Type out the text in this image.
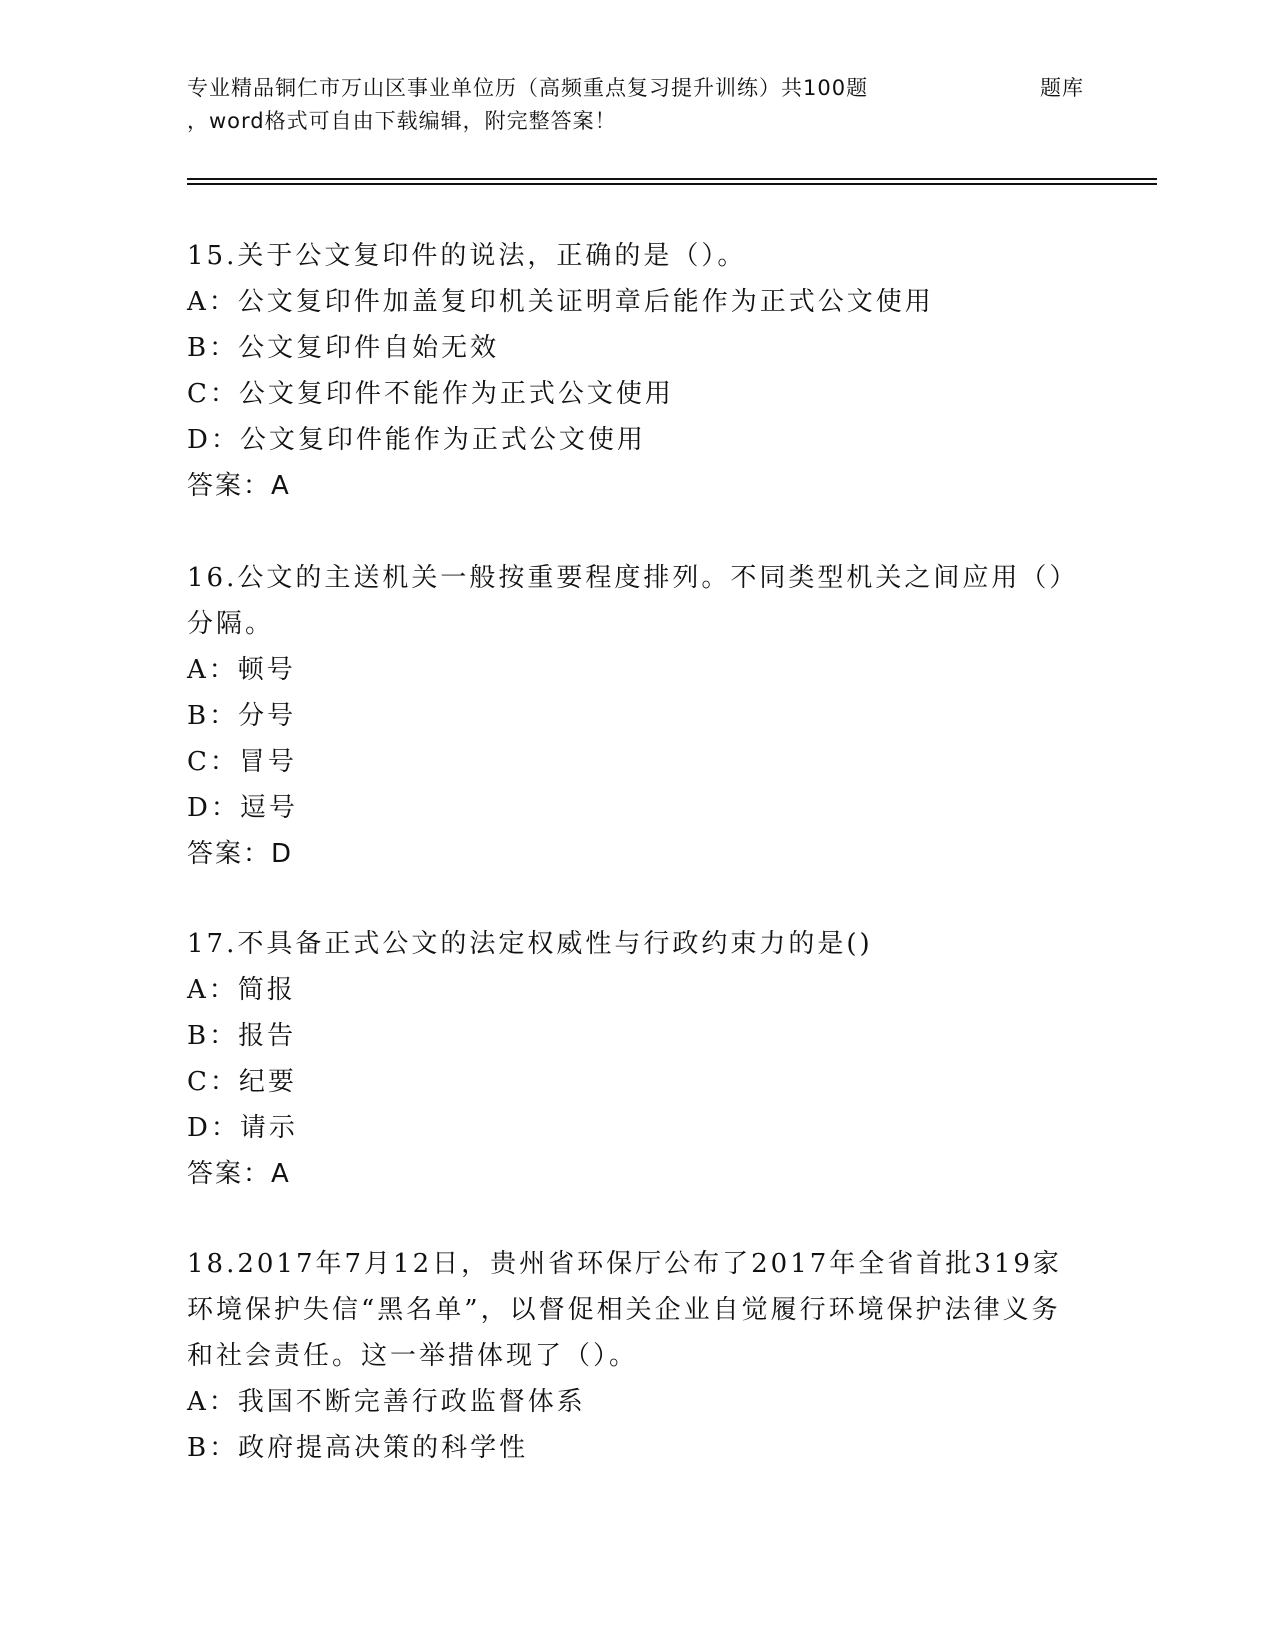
专业精品铜仁市万山区事业单位历（高频重点复习提升训练）共100题
，word格式可自由下载编辑，附完整答案！
题库

15.关于公文复印件的说法，正确的是（）。

A：公文复印件加盖复印机关证明章后能作为正式公文使用

B：公文复印件自始无效

C：公文复印件不能作为正式公文使用

D：公文复印件能作为正式公文使用

答案：A

16.公文的主送机关一般按重要程度排列。不同类型机关之间应用（）分隔。

A：顿号

B：分号

C：冒号

D：逗号

答案：D

17.不具备正式公文的法定权威性与行政约束力的是()

A：简报

B：报告

C：纪要

D：请示

答案：A

18.2017年7月12日，贵州省环保厅公布了2017年全省首批319家环境保护失信“黑名单”，以督促相关企业自觉履行环境保护法律义务和社会责任。这一举措体现了（）。

A：我国不断完善行政监督体系

B：政府提高决策的科学性
